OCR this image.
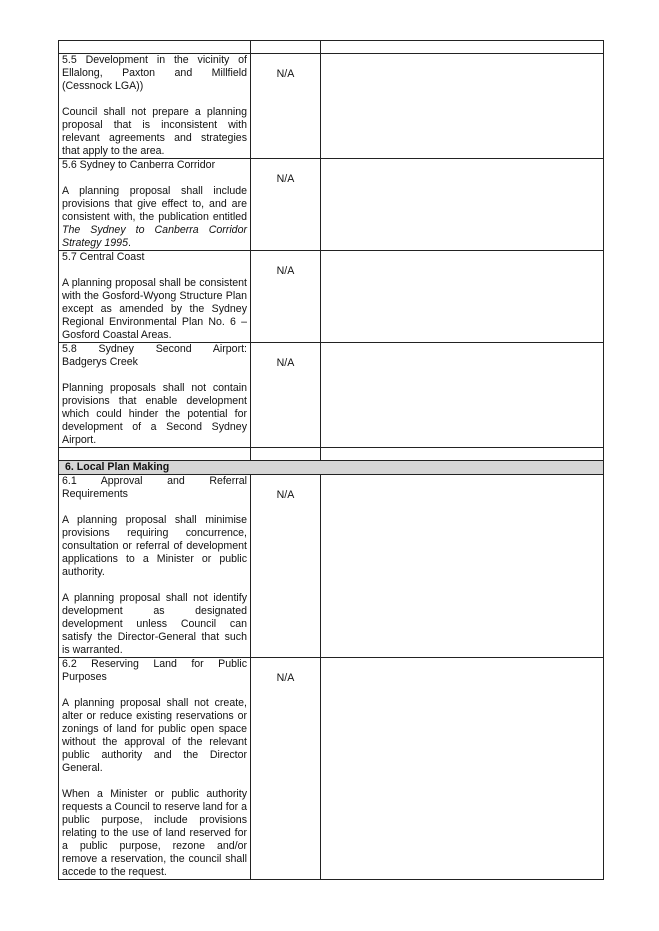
5.5 Development in the vicinity of
Ellalong, Paxton and Millfield
(Cessnock LGA))
Council shall not prepare a planning proposal that is inconsistent with relevant agreements and strategies that apply to the area.	N/A	

5.6 Sydney to Canberra Corridor
A planning proposal shall include provisions that give effect to, and are consistent with, the publication entitled The Sydney to Canberra Corridor Strategy 1995.	N/A	

5.7 Central Coast
A planning proposal shall be consistent with the Gosford-Wyong Structure Plan except as amended by the Sydney Regional Environmental Plan No. 6 – Gosford Coastal Areas.	N/A	

5.8 Sydney Second Airport:
Badgerys Creek
Planning proposals shall not contain provisions that enable development which could hinder the potential for development of a Second Sydney Airport.	N/A	

6. Local Plan Making		

6.1 Approval and Referral
Requirements
A planning proposal shall minimise provisions requiring concurrence, consultation or referral of development applications to a Minister or public authority.
A planning proposal shall not identify development as designated development unless Council can satisfy the Director-General that such is warranted.	N/A	

6.2 Reserving Land for Public
Purposes
A planning proposal shall not create, alter or reduce existing reservations or zonings of land for public open space without the approval of the relevant public authority and the Director General.
When a Minister or public authority requests a Council to reserve land for a public purpose, include provisions relating to the use of land reserved for a public purpose, rezone and/or remove a reservation, the council shall accede to the request.	N/A	
